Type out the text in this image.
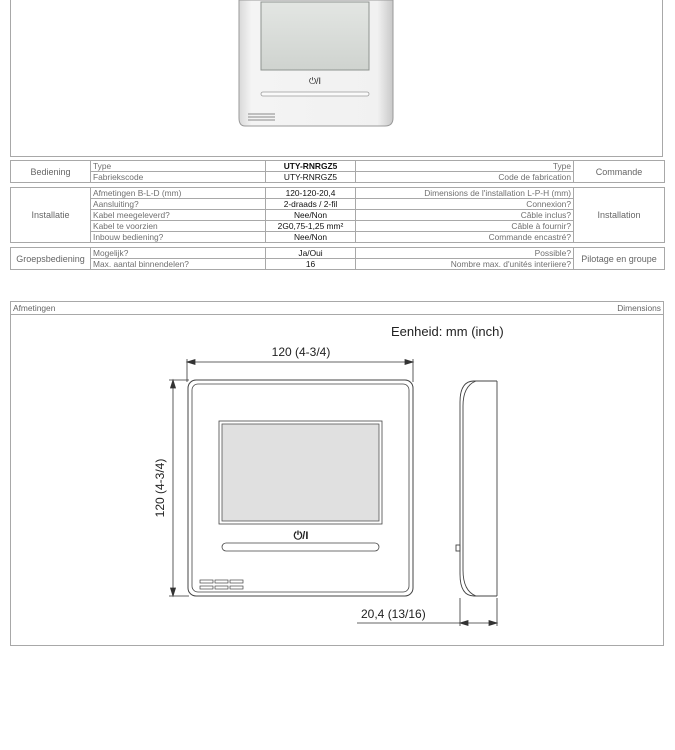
⏻/I
Bediening	Type	UTY-RNRGZ5	Type	Commande
	Fabriekscode	UTY-RNRGZ5	Code de fabrication	

Installatie	Afmetingen B-L-D (mm)	120-120-20,4	Dimensions de l'installation L-P-H (mm)	Installation
	Aansluiting?	2-draads / 2-fil	Connexion?	
	Kabel meegeleverd?	Nee/Non	Câble inclus?	
	Kabel te voorzien	2G0,75-1,25 mm²	Câble à fournir?	
	Inbouw bediening?	Nee/Non	Commande encastré?	

Groepsbediening	Mogelijk?	Ja/Oui	Possible?	Pilotage en groupe
	Max. aantal binnendelen?	16	Nombre max. d'unités interiiere?	
Afmetingen	Dimensions
Eenheid: mm (inch)
120 (4-3/4)
120 (4-3/4)
⏻/I
20,4 (13/16)
